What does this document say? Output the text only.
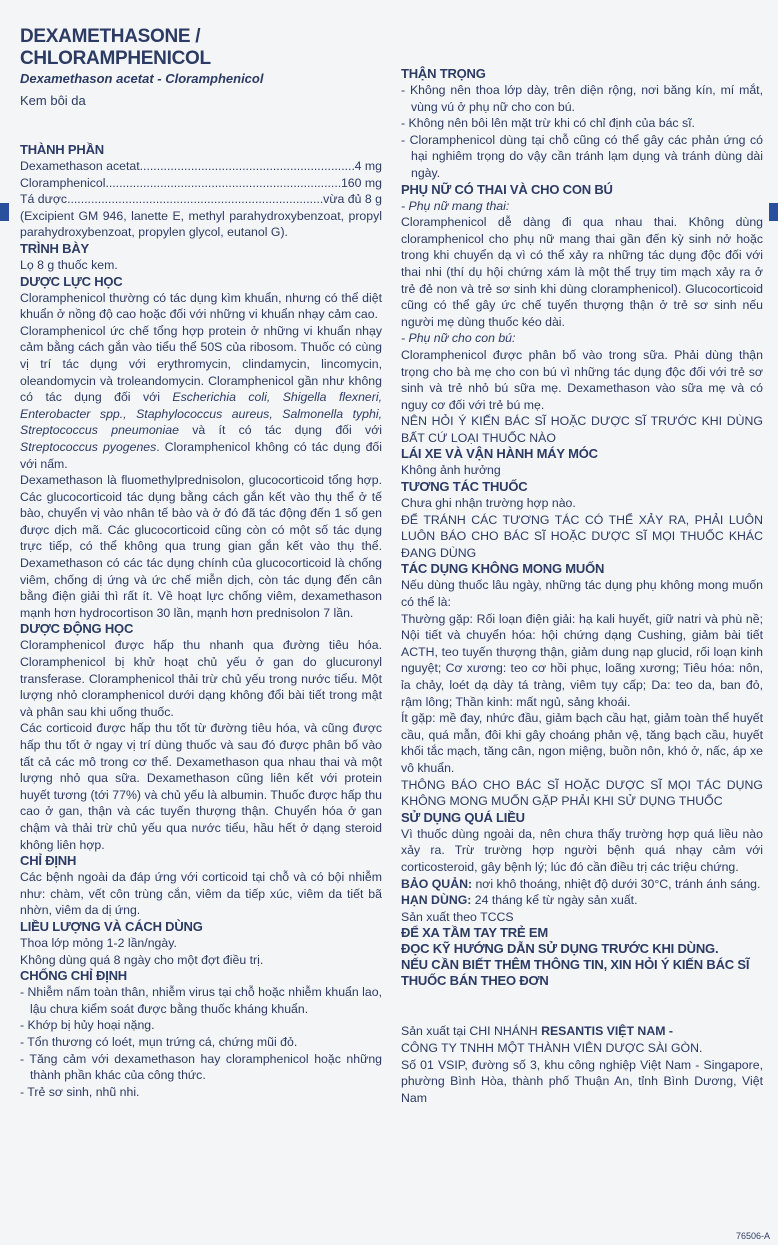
DEXAMETHASONE / CHLORAMPHENICOL
Dexamethason acetat - Cloramphenicol
Kem bôi da
THÀNH PHẦN
Dexamethason acetat .....	4 mg
Cloramphenicol .....	160 mg
Tá dược .....	vừa đủ 8 g

(Excipient GM 946, lanette E, methyl parahydroxybenzoat, propyl parahydroxybenzoat, propylen glycol, eutanol G).

TRÌNH BÀY

Lọ 8 g thuốc kem.

DƯỢC LỰC HỌC

Cloramphenicol thường có tác dụng kìm khuẩn, nhưng có thể diệt khuẩn ở nồng độ cao hoặc đối với những vi khuẩn nhạy cảm cao.

Cloramphenicol ức chế tổng hợp protein ở những vi khuẩn nhạy cảm bằng cách gắn vào tiểu thể 50S của ribosom. Thuốc có cùng vị trí tác dụng với erythromycin, clindamycin, lincomycin, oleandomycin và troleandomycin. Cloramphenicol gần như không có tác dụng đối với Escherichia coli, Shigella flexneri, Enterobacter spp., Staphylococcus aureus, Salmonella typhi, Streptococcus pneumoniae và ít có tác dụng đối với Streptococcus pyogenes. Cloramphenicol không có tác dụng đối với nấm.

Dexamethason là fluomethylprednisolon, glucocorticoid tổng hợp. Các glucocorticoid tác dụng bằng cách gắn kết vào thụ thể ở tế bào, chuyển vị vào nhân tế bào và ở đó đã tác động đến 1 số gen được dịch mã. Các glucocorticoid cũng còn có một số tác dụng trực tiếp, có thể không qua trung gian gắn kết vào thụ thể. Dexamethason có các tác dụng chính của glucocorticoid là chống viêm, chống dị ứng và ức chế miễn dịch, còn tác dụng đến cân bằng điện giải thì rất ít. Về hoạt lực chống viêm, dexamethason mạnh hơn hydrocortison 30 lần, mạnh hơn prednisolon 7 lần.

DƯỢC ĐỘNG HỌC

Cloramphenicol được hấp thu nhanh qua đường tiêu hóa. Cloramphenicol bị khử hoạt chủ yếu ở gan do glucuronyl transferase. Cloramphenicol thải trừ chủ yếu trong nước tiểu. Một lượng nhỏ cloramphenicol dưới dạng không đổi bài tiết trong mật và phân sau khi uống thuốc.

Các corticoid được hấp thu tốt từ đường tiêu hóa, và cũng được hấp thu tốt ở ngay vị trí dùng thuốc và sau đó được phân bố vào tất cả các mô trong cơ thể. Dexamethason qua nhau thai và một lượng nhỏ qua sữa. Dexamethason cũng liên kết với protein huyết tương (tới 77%) và chủ yếu là albumin. Thuốc được hấp thu cao ở gan, thận và các tuyến thượng thận. Chuyển hóa ở gan chậm và thải trừ chủ yếu qua nước tiểu, hầu hết ở dạng steroid không liên hợp.

CHỈ ĐỊNH

Các bệnh ngoài da đáp ứng với corticoid tại chỗ và có bội nhiễm như: chàm, vết côn trùng cắn, viêm da tiếp xúc, viêm da tiết bã nhờn, viêm da dị ứng.

LIỀU LƯỢNG VÀ CÁCH DÙNG

Thoa lớp mỏng 1-2 lần/ngày.

Không dùng quá 8 ngày cho một đợt điều trị.

CHỐNG CHỈ ĐỊNH
- Nhiễm nấm toàn thân, nhiễm virus tại chỗ hoặc nhiễm khuẩn lao, lậu chưa kiểm soát được bằng thuốc kháng khuẩn.
- Khớp bị hủy hoại nặng.
- Tổn thương có loét, mụn trứng cá, chứng mũi đỏ.
- Tăng cảm với dexamethason hay cloramphenicol hoặc những thành phần khác của công thức.
- Trẻ sơ sinh, nhũ nhi.
THẬN TRỌNG
- Không nên thoa lớp dày, trên diện rộng, nơi băng kín, mí mắt, vùng vú ở phụ nữ cho con bú.
- Không nên bôi lên mặt trừ khi có chỉ định của bác sĩ.
- Cloramphenicol dùng tại chỗ cũng có thể gây các phản ứng có hại nghiêm trọng do vậy cần tránh lạm dụng và tránh dùng dài ngày.
PHỤ NỮ CÓ THAI VÀ CHO CON BÚ

- Phụ nữ mang thai:

Cloramphenicol dễ dàng đi qua nhau thai. Không dùng cloramphenicol cho phụ nữ mang thai gần đến kỳ sinh nở hoặc trong khi chuyển dạ vì có thể xảy ra những tác dụng độc đối với thai nhi (thí dụ hội chứng xám là một thể trụy tim mạch xảy ra ở trẻ đẻ non và trẻ sơ sinh khi dùng cloramphenicol). Glucocorticoid cũng có thể gây ức chế tuyến thượng thận ở trẻ sơ sinh nếu người mẹ dùng thuốc kéo dài.

- Phụ nữ cho con bú:

Cloramphenicol được phân bố vào trong sữa. Phải dùng thận trọng cho bà mẹ cho con bú vì những tác dụng độc đối với trẻ sơ sinh và trẻ nhỏ bú sữa mẹ. Dexamethason vào sữa mẹ và có nguy cơ đối với trẻ bú mẹ.

NÊN HỎI Ý KIẾN BÁC SĨ HOẶC DƯỢC SĨ TRƯỚC KHI DÙNG BẤT CỨ LOẠI THUỐC NÀO

LÁI XE VÀ VẬN HÀNH MÁY MÓC

Không ảnh hưởng

TƯƠNG TÁC THUỐC

Chưa ghi nhận trường hợp nào.

ĐỂ TRÁNH CÁC TƯƠNG TÁC CÓ THỂ XẢY RA, PHẢI LUÔN LUÔN BÁO CHO BÁC SĨ HOẶC DƯỢC SĨ MỌI THUỐC KHÁC ĐANG DÙNG

TÁC DỤNG KHÔNG MONG MUỐN

Nếu dùng thuốc lâu ngày, những tác dụng phụ không mong muốn có thể là:

Thường gặp: Rối loạn điện giải: hạ kali huyết, giữ natri và phù nề; Nội tiết và chuyển hóa: hội chứng dạng Cushing, giảm bài tiết ACTH, teo tuyến thượng thận, giảm dung nạp glucid, rối loạn kinh nguyệt; Cơ xương: teo cơ hồi phục, loãng xương; Tiêu hóa: nôn, ỉa chảy, loét dạ dày tá tràng, viêm tụy cấp; Da: teo da, ban đỏ, rậm lông; Thần kinh: mất ngủ, sảng khoái.

Ít gặp: mề đay, nhức đầu, giảm bạch cầu hạt, giảm toàn thể huyết cầu, quá mẫn, đôi khi gây choáng phản vệ, tăng bạch cầu, huyết khối tắc mạch, tăng cân, ngon miệng, buồn nôn, khó ở, nấc, áp xe vô khuẩn.

THÔNG BÁO CHO BÁC SĨ HOẶC DƯỢC SĨ MỌI TÁC DỤNG KHÔNG MONG MUỐN GẶP PHẢI KHI SỬ DỤNG THUỐC

SỬ DỤNG QUÁ LIỀU

Vì thuốc dùng ngoài da, nên chưa thấy trường hợp quá liều nào xảy ra. Trừ trường hợp người bệnh quá nhạy cảm với corticosteroid, gây bệnh lý; lúc đó cần điều trị các triệu chứng.

BẢO QUẢN: nơi khô thoáng, nhiệt độ dưới 30°C, tránh ánh sáng.

HẠN DÙNG: 24 tháng kể từ ngày sản xuất.

Sản xuất theo TCCS

ĐỂ XA TẦM TAY TRẺ EM
ĐỌC KỸ HƯỚNG DẪN SỬ DỤNG TRƯỚC KHI DÙNG.
NẾU CẦN BIẾT THÊM THÔNG TIN, XIN HỎI Ý KIẾN BÁC SĨ
THUỐC BÁN THEO ĐƠN

Sản xuất tại CHI NHÁNH RESANTIS VIỆT NAM -

CÔNG TY TNHH MỘT THÀNH VIÊN DƯỢC SÀI GÒN.

Số 01 VSIP, đường số 3, khu công nghiệp Việt Nam - Singapore, phường Bình Hòa, thành phố Thuận An, tỉnh Bình Dương, Việt Nam

76506-A
